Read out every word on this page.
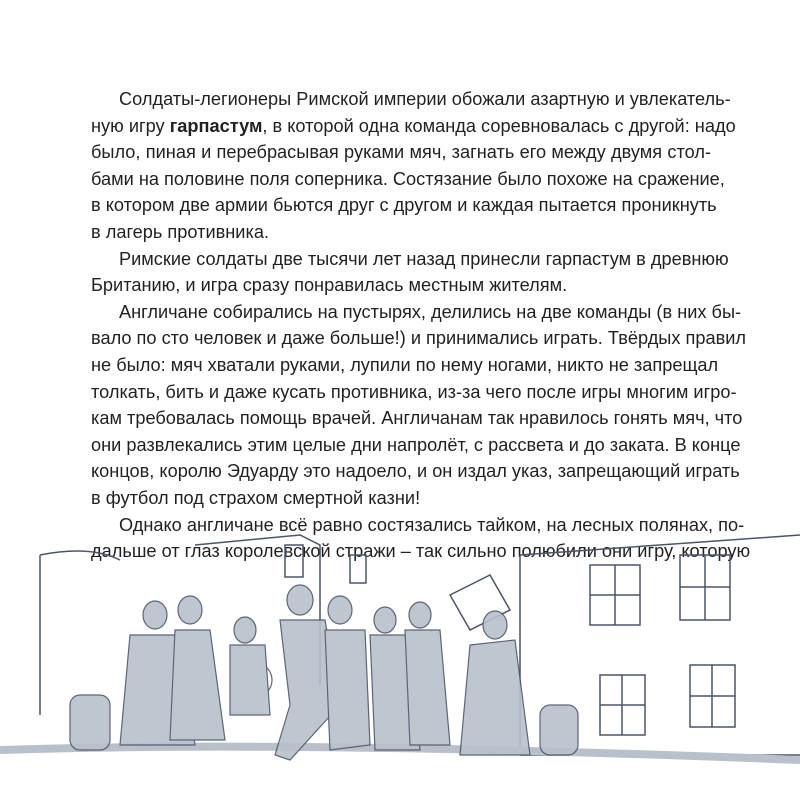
Солдаты-легионеры Римской империи обожали азартную и увлекатель-
ную игру гарпастум, в которой одна команда соревновалась с другой: надо
было, пиная и перебрасывая руками мяч, загнать его между двумя стол-
бами на половине поля соперника. Состязание было похоже на сражение,
в котором две армии бьются друг с другом и каждая пытается проникнуть
в лагерь противника.
Римские солдаты две тысячи лет назад принесли гарпастум в древнюю
Британию, и игра сразу понравилась местным жителям.
Англичане собирались на пустырях, делились на две команды (в них бы-
вало по сто человек и даже больше!) и принимались играть. Твёрдых правил
не было: мяч хватали руками, лупили по нему ногами, никто не запрещал
толкать, бить и даже кусать противника, из-за чего после игры многим игро-
кам требовалась помощь врачей. Англичанам так нравилось гонять мяч, что
они развлекались этим целые дни напролёт, с рассвета и до заката. В конце
концов, королю Эдуарду это надоело, и он издал указ, запрещающий играть
в футбол под страхом смертной казни!
Однако англичане всё равно состязались тайком, на лесных полянах, по-
дальше от глаз королевской стражи – так сильно полюбили они игру, которую
